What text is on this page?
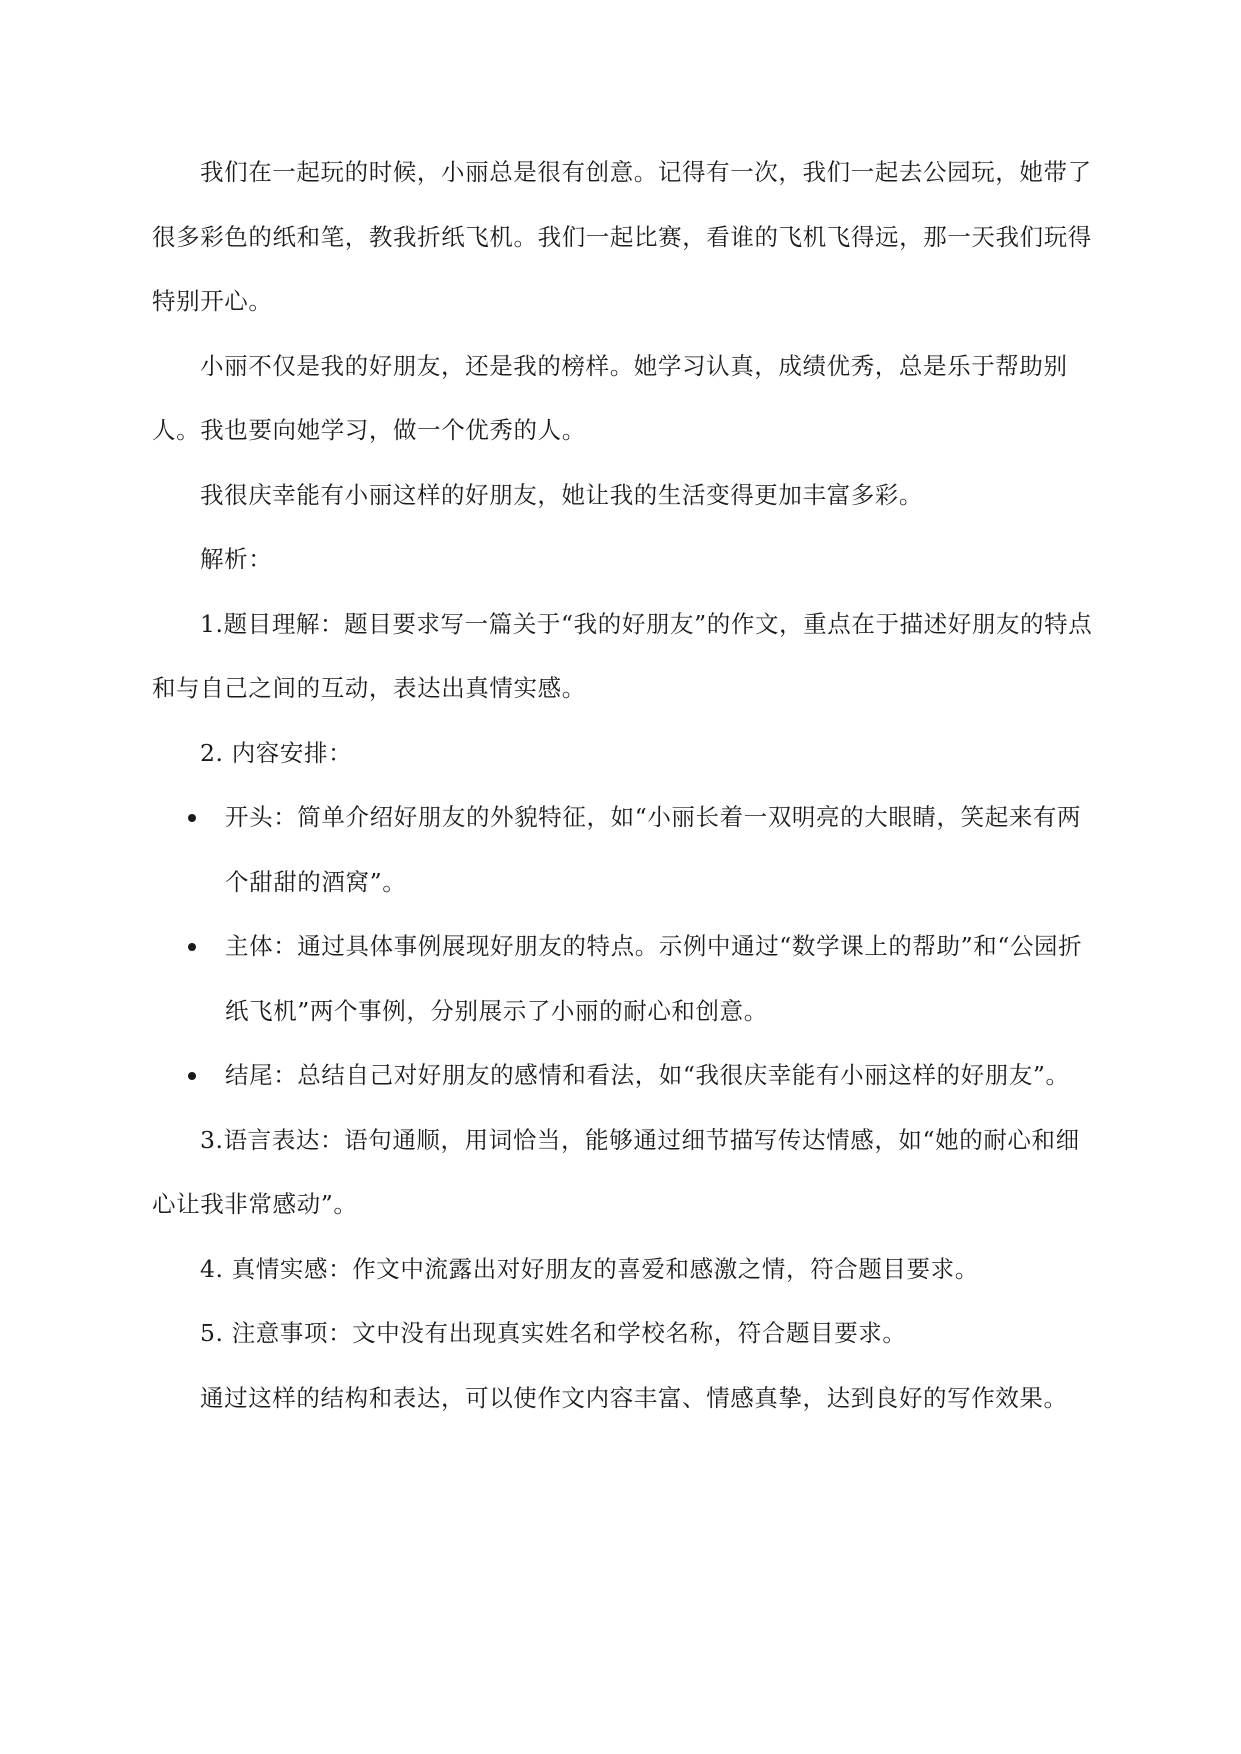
我们在一起玩的时候，小丽总是很有创意。记得有一次，我们一起去公园玩，她带了很多彩色的纸和笔，教我折纸飞机。我们一起比赛，看谁的飞机飞得远，那一天我们玩得特别开心。

小丽不仅是我的好朋友，还是我的榜样。她学习认真，成绩优秀，总是乐于帮助别人。我也要向她学习，做一个优秀的人。

我很庆幸能有小丽这样的好朋友，她让我的生活变得更加丰富多彩。

解析：

1.题目理解：题目要求写一篇关于“我的好朋友”的作文，重点在于描述好朋友的特点和与自己之间的互动，表达出真情实感。

2. 内容安排：

开头：简单介绍好朋友的外貌特征，如“小丽长着一双明亮的大眼睛，笑起来有两个甜甜的酒窝”。
主体：通过具体事例展现好朋友的特点。示例中通过“数学课上的帮助”和“公园折纸飞机”两个事例，分别展示了小丽的耐心和创意。
结尾：总结自己对好朋友的感情和看法，如“我很庆幸能有小丽这样的好朋友”。

3.语言表达：语句通顺，用词恰当，能够通过细节描写传达情感，如“她的耐心和细心让我非常感动”。

4. 真情实感：作文中流露出对好朋友的喜爱和感激之情，符合题目要求。

5. 注意事项：文中没有出现真实姓名和学校名称，符合题目要求。

通过这样的结构和表达，可以使作文内容丰富、情感真挚，达到良好的写作效果。
